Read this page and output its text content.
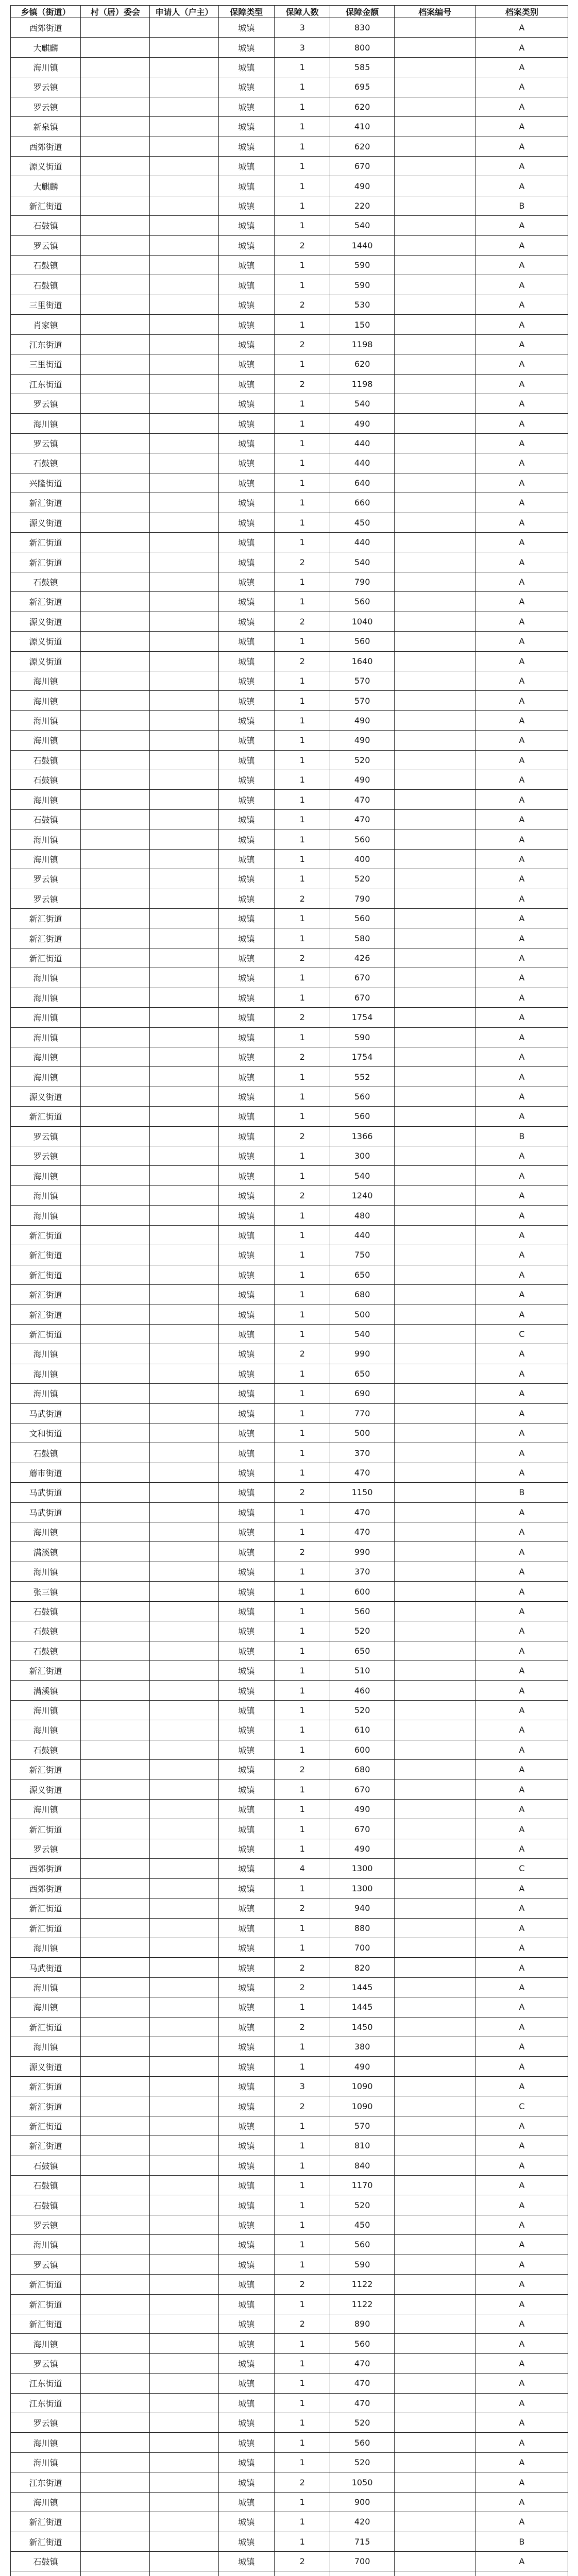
乡镇（街道）	村（居）委会	申请人（户主）	保障类型	保障人数	保障金额	档案编号	档案类别
西郊街道			城镇	3	830		A
大麒麟			城镇	3	800		A
海川镇			城镇	1	585		A
罗云镇			城镇	1	695		A
罗云镇			城镇	1	620		A
新泉镇			城镇	1	410		A
西郊街道			城镇	1	620		A
源义街道			城镇	1	670		A
大麒麟			城镇	1	490		A
新汇街道			城镇	1	220		B
石鼓镇			城镇	1	540		A
罗云镇			城镇	2	1440		A
石鼓镇			城镇	1	590		A
石鼓镇			城镇	1	590		A
三里街道			城镇	2	530		A
肖家镇			城镇	1	150		A
江东街道			城镇	2	1198		A
三里街道			城镇	1	620		A
江东街道			城镇	2	1198		A
罗云镇			城镇	1	540		A
海川镇			城镇	1	490		A
罗云镇			城镇	1	440		A
石鼓镇			城镇	1	440		A
兴隆街道			城镇	1	640		A
新汇街道			城镇	1	660		A
源义街道			城镇	1	450		A
新汇街道			城镇	1	440		A
新汇街道			城镇	2	540		A
石鼓镇			城镇	1	790		A
新汇街道			城镇	1	560		A
源义街道			城镇	2	1040		A
源义街道			城镇	1	560		A
源义街道			城镇	2	1640		A
海川镇			城镇	1	570		A
海川镇			城镇	1	570		A
海川镇			城镇	1	490		A
海川镇			城镇	1	490		A
石鼓镇			城镇	1	520		A
石鼓镇			城镇	1	490		A
海川镇			城镇	1	470		A
石鼓镇			城镇	1	470		A
海川镇			城镇	1	560		A
海川镇			城镇	1	400		A
罗云镇			城镇	1	520		A
罗云镇			城镇	2	790		A
新汇街道			城镇	1	560		A
新汇街道			城镇	1	580		A
新汇街道			城镇	2	426		A
海川镇			城镇	1	670		A
海川镇			城镇	1	670		A
海川镇			城镇	2	1754		A
海川镇			城镇	1	590		A
海川镇			城镇	2	1754		A
海川镇			城镇	1	552		A
源义街道			城镇	1	560		A
新汇街道			城镇	1	560		A
罗云镇			城镇	2	1366		B
罗云镇			城镇	1	300		A
海川镇			城镇	1	540		A
海川镇			城镇	2	1240		A
海川镇			城镇	1	480		A
新汇街道			城镇	1	440		A
新汇街道			城镇	1	750		A
新汇街道			城镇	1	650		A
新汇街道			城镇	1	680		A
新汇街道			城镇	1	500		A
新汇街道			城镇	1	540		C
海川镇			城镇	2	990		A
海川镇			城镇	1	650		A
海川镇			城镇	1	690		A
马武街道			城镇	1	770		A
文和街道			城镇	1	500		A
石鼓镇			城镇	1	370		A
蘑市街道			城镇	1	470		A
马武街道			城镇	2	1150		B
马武街道			城镇	1	470		A
海川镇			城镇	1	470		A
满溪镇			城镇	2	990		A
海川镇			城镇	1	370		A
张三镇			城镇	1	600		A
石鼓镇			城镇	1	560		A
石鼓镇			城镇	1	520		A
石鼓镇			城镇	1	650		A
新汇街道			城镇	1	510		A
满溪镇			城镇	1	460		A
海川镇			城镇	1	520		A
海川镇			城镇	1	610		A
石鼓镇			城镇	1	600		A
新汇街道			城镇	2	680		A
源义街道			城镇	1	670		A
海川镇			城镇	1	490		A
新汇街道			城镇	1	670		A
罗云镇			城镇	1	490		A
西郊街道			城镇	4	1300		C
西郊街道			城镇	1	1300		A
新汇街道			城镇	2	940		A
新汇街道			城镇	1	880		A
海川镇			城镇	1	700		A
马武街道			城镇	2	820		A
海川镇			城镇	2	1445		A
海川镇			城镇	1	1445		A
新汇街道			城镇	2	1450		A
海川镇			城镇	1	380		A
源义街道			城镇	1	490		A
新汇街道			城镇	3	1090		A
新汇街道			城镇	2	1090		C
新汇街道			城镇	1	570		A
新汇街道			城镇	1	810		A
石鼓镇			城镇	1	840		A
石鼓镇			城镇	1	1170		A
石鼓镇			城镇	1	520		A
罗云镇			城镇	1	450		A
海川镇			城镇	1	560		A
罗云镇			城镇	1	590		A
新汇街道			城镇	2	1122		A
新汇街道			城镇	1	1122		A
新汇街道			城镇	2	890		A
海川镇			城镇	1	560		A
罗云镇			城镇	1	470		A
江东街道			城镇	1	470		A
江东街道			城镇	1	470		A
罗云镇			城镇	1	520		A
海川镇			城镇	1	560		A
海川镇			城镇	1	520		A
江东街道			城镇	2	1050		A
海川镇			城镇	1	900		A
新汇街道			城镇	1	420		A
新汇街道			城镇	1	715		B
石鼓镇			城镇	2	700		A
